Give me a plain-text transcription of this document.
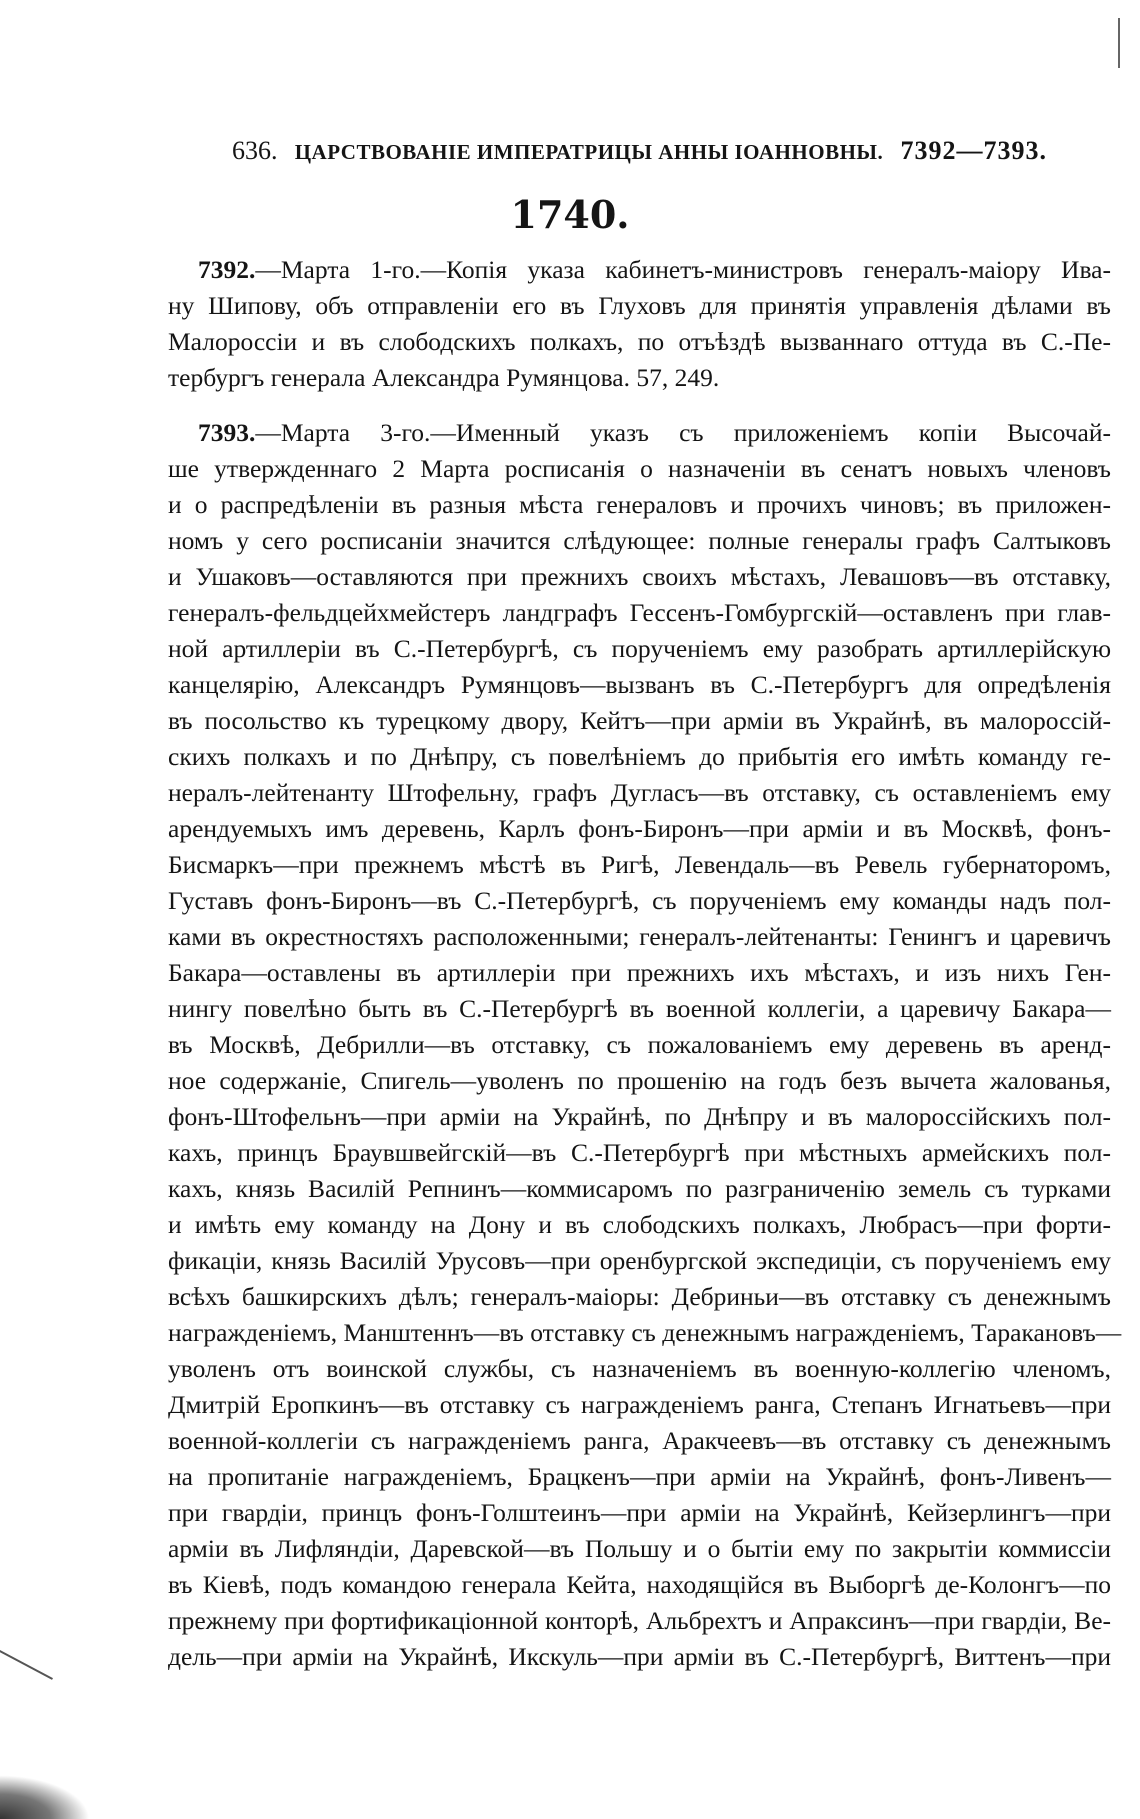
636. ЦАРСТВОВАНІЕ ИМПЕРАТРИЦЫ АННЫ ІОАННОВНЫ. 7392—7393.
1740.
7392.—Марта 1-го.—Копія указа кабинетъ-министровъ генералъ-маіору Ива-
ну Шипову, объ отправленіи его въ Глуховъ для принятія управленія дѣлами въ
Малороссіи и въ слободскихъ полкахъ, по отъѣздѣ вызваннаго оттуда въ С.-Пе-
тербургъ генерала Александра Румянцова. 57, 249.
7393.—Марта 3-го.—Именный указъ съ приложеніемъ копіи Высочай-
ше утвержденнаго 2 Марта росписанія о назначеніи въ сенатъ новыхъ членовъ
и о распредѣленіи въ разныя мѣста генераловъ и прочихъ чиновъ; въ приложен-
номъ у сего росписаніи значится слѣдующее: полные генералы графъ Салтыковъ
и Ушаковъ—оставляются при прежнихъ своихъ мѣстахъ, Левашовъ—въ отставку,
генералъ-фельдцейхмейстеръ ландграфъ Гессенъ-Гомбургскій—оставленъ при глав-
ной артиллеріи въ С.-Петербургѣ, съ порученіемъ ему разобрать артиллерійскую
канцелярію, Александръ Румянцовъ—вызванъ въ С.-Петербургъ для опредѣленія
въ посольство къ турецкому двору, Кейтъ—при арміи въ Украйнѣ, въ малороссій-
скихъ полкахъ и по Днѣпру, съ повелѣніемъ до прибытія его имѣть команду ге-
нералъ-лейтенанту Штофельну, графъ Дугласъ—въ отставку, съ оставленіемъ ему
арендуемыхъ имъ деревень, Карлъ фонъ-Биронъ—при арміи и въ Москвѣ, фонъ-
Бисмаркъ—при прежнемъ мѣстѣ въ Ригѣ, Левендаль—въ Ревель губернаторомъ,
Густавъ фонъ-Биронъ—въ С.-Петербургѣ, съ порученіемъ ему команды надъ пол-
ками въ окрестностяхъ расположенными; генералъ-лейтенанты: Генингъ и царевичъ
Бакара—оставлены въ артиллеріи при прежнихъ ихъ мѣстахъ, и изъ нихъ Ген-
нингу повелѣно быть въ С.-Петербургѣ въ военной коллегіи, а царевичу Бакара—
въ Москвѣ, Дебрилли—въ отставку, съ пожалованіемъ ему деревень въ аренд-
ное содержаніе, Спигель—уволенъ по прошенію на годъ безъ вычета жалованья,
фонъ-Штофельнъ—при арміи на Украйнѣ, по Днѣпру и въ малороссійскихъ пол-
кахъ, принцъ Браувшвейгскій—въ С.-Петербургѣ при мѣстныхъ армейскихъ пол-
кахъ, князь Василій Репнинъ—коммисаромъ по разграниченію земель съ турками
и имѣть ему команду на Дону и въ слободскихъ полкахъ, Любрасъ—при форти-
фикаціи, князь Василій Урусовъ—при оренбургской экспедиціи, съ порученіемъ ему
всѣхъ башкирскихъ дѣлъ; генералъ-маіоры: Дебриньи—въ отставку съ денежнымъ
награжденіемъ, Манштеннъ—въ отставку съ денежнымъ награжденіемъ, Таракановъ—
уволенъ отъ воинской службы, съ назначеніемъ въ военную-коллегію членомъ,
Дмитрій Еропкинъ—въ отставку съ награжденіемъ ранга, Степанъ Игнатьевъ—при
военной-коллегіи съ награжденіемъ ранга, Аракчеевъ—въ отставку съ денежнымъ
на пропитаніе награжденіемъ, Брацкенъ—при арміи на Украйнѣ, фонъ-Ливенъ—
при гвардіи, принцъ фонъ-Голштеинъ—при арміи на Украйнѣ, Кейзерлингъ—при
арміи въ Лифляндіи, Даревской—въ Польшу и о бытіи ему по закрытіи коммиссіи
въ Кіевѣ, подъ командою генерала Кейта, находящійся въ Выборгѣ де-Колонгъ—по
прежнему при фортификаціонной конторѣ, Альбрехтъ и Апраксинъ—при гвардіи, Ве-
дель—при арміи на Украйнѣ, Икскуль—при арміи въ С.-Петербургѣ, Виттенъ—при
